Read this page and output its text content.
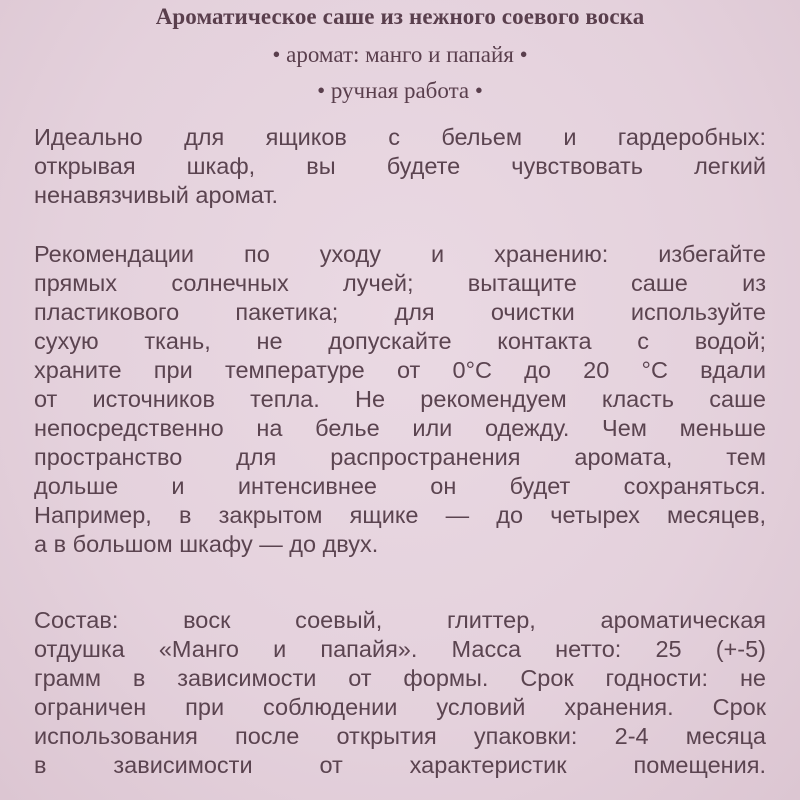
Ароматическое саше из нежного соевого воска
• аромат: манго и папайя •
• ручная работа •
Идеально для ящиков с бельем и гардеробных:
открывая шкаф, вы будете чувствовать легкий
ненавязчивый аромат.
Рекомендации по уходу и хранению: избегайте
прямых солнечных лучей; вытащите саше из
пластикового пакетика; для очистки используйте
сухую ткань, не допускайте контакта с водой;
храните при температуре от 0°С до 20 °С вдали
от источников тепла. Не рекомендуем класть саше
непосредственно на белье или одежду. Чем меньше
пространство для распространения аромата, тем
дольше и интенсивнее он будет сохраняться.
Например, в закрытом ящике — до четырех месяцев,
а в большом шкафу — до двух.
Состав: воск соевый, глиттер, ароматическая
отдушка «Манго и папайя». Масса нетто: 25 (+-5)
грамм в зависимости от формы. Срок годности: не
ограничен при соблюдении условий хранения. Срок
использования после открытия упаковки: 2-4 месяца
в зависимости от характеристик помещения.
